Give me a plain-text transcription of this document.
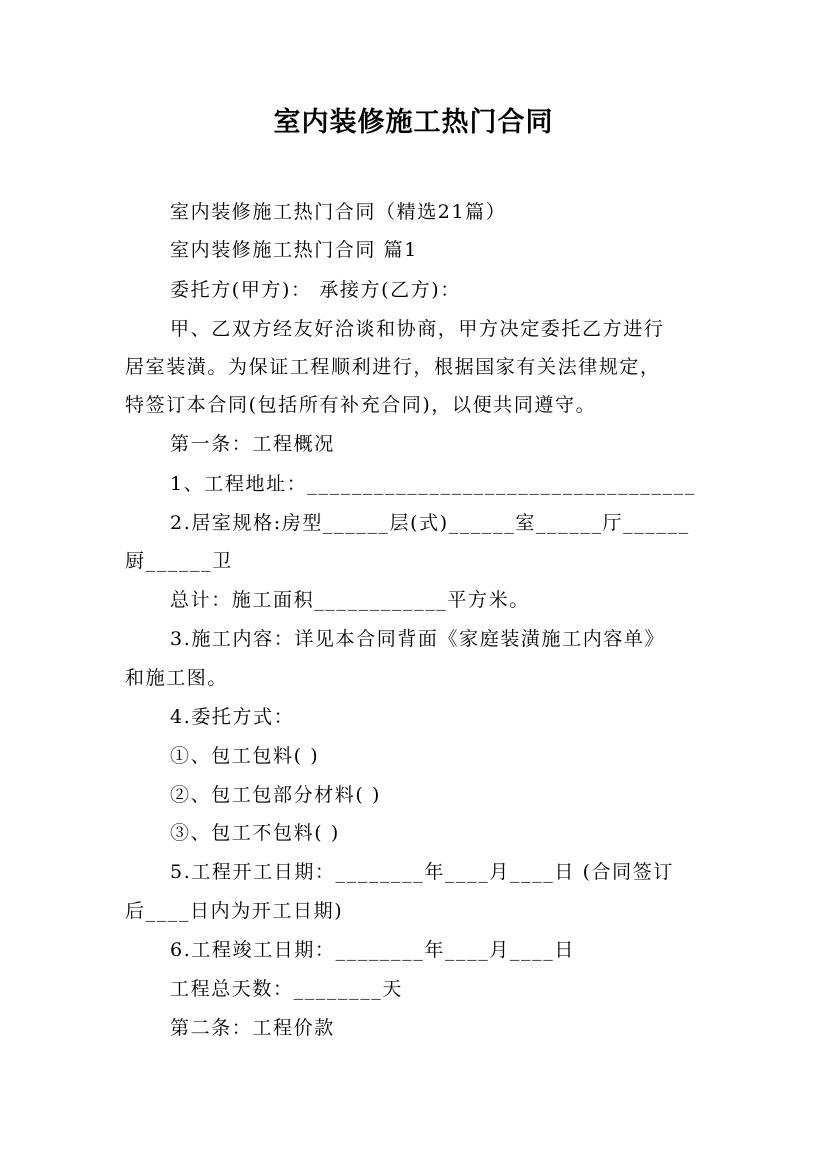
室内装修施工热门合同
室内装修施工热门合同（精选21篇）
室内装修施工热门合同 篇1
委托方(甲方)： 承接方(乙方)：
甲、乙双方经友好洽谈和协商，甲方决定委托乙方进行
居室装潢。为保证工程顺利进行，根据国家有关法律规定，
特签订本合同(包括所有补充合同)，以便共同遵守。
第一条：工程概况
1、工程地址：___________________________________
2.居室规格:房型______层(式)______室______厅______
厨______卫
总计：施工面积____________平方米。
3.施工内容：详见本合同背面《家庭装潢施工内容单》
和施工图。
4.委托方式：
①、包工包料( )
②、包工包部分材料( )
③、包工不包料( )
5.工程开工日期：________年____月____日 (合同签订
后____日内为开工日期)
6.工程竣工日期：________年____月____日
工程总天数：________天
第二条：工程价款
